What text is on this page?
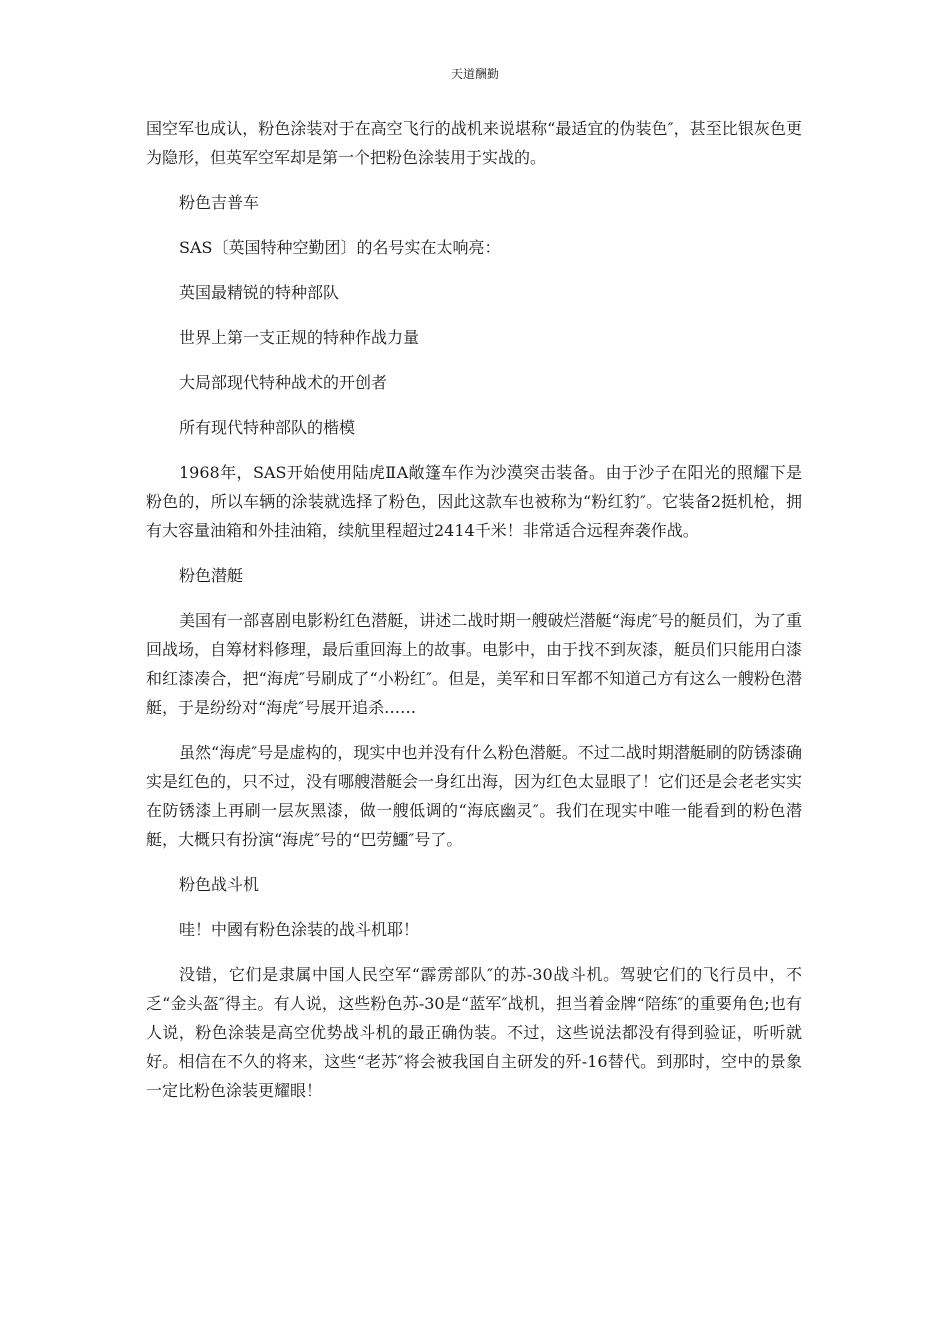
天道酬勤

国空军也成认，粉色涂装对于在高空飞行的战机来说堪称“最适宜的伪装色″，甚至比银灰色更为隐形，但英军空军却是第一个把粉色涂装用于实战的。

粉色吉普车

SAS〔英国特种空勤团〕的名号实在太响亮：

英国最精锐的特种部队

世界上第一支正规的特种作战力量

大局部现代特种战术的开创者

所有现代特种部队的楷模

1968年，SAS开始使用陆虎ⅡA敞篷车作为沙漠突击装备。由于沙子在阳光的照耀下是粉色的，所以车辆的涂装就选择了粉色，因此这款车也被称为“粉红豹″。它装备2挺机枪，拥有大容量油箱和外挂油箱，续航里程超过2414千米！非常适合远程奔袭作战。

粉色潜艇

美国有一部喜剧电影粉红色潜艇，讲述二战时期一艘破烂潜艇“海虎″号的艇员们，为了重回战场，自筹材料修理，最后重回海上的故事。电影中，由于找不到灰漆，艇员们只能用白漆和红漆凑合，把“海虎″号刷成了“小粉红″。但是，美军和日军都不知道己方有这么一艘粉色潜艇，于是纷纷对“海虎″号展开追杀……

虽然“海虎″号是虚构的，现实中也并没有什么粉色潜艇。不过二战时期潜艇刷的防锈漆确实是红色的，只不过，没有哪艘潜艇会一身红出海，因为红色太显眼了！它们还是会老老实实在防锈漆上再刷一层灰黑漆，做一艘低调的“海底幽灵″。我们在现实中唯一能看到的粉色潜艇，大概只有扮演“海虎″号的“巴劳鱷″号了。

粉色战斗机

哇！中國有粉色涂装的战斗机耶！

没错，它们是隶属中国人民空军“霹雳部队″的苏-30战斗机。驾驶它们的飞行员中，不乏“金头盔″得主。有人说，这些粉色苏-30是“蓝军″战机，担当着金牌“陪练″的重要角色;也有人说，粉色涂装是高空优势战斗机的最正确伪装。不过，这些说法都没有得到验证，听听就好。相信在不久的将来，这些“老苏″将会被我国自主研发的歼-16替代。到那时，空中的景象一定比粉色涂装更耀眼！
